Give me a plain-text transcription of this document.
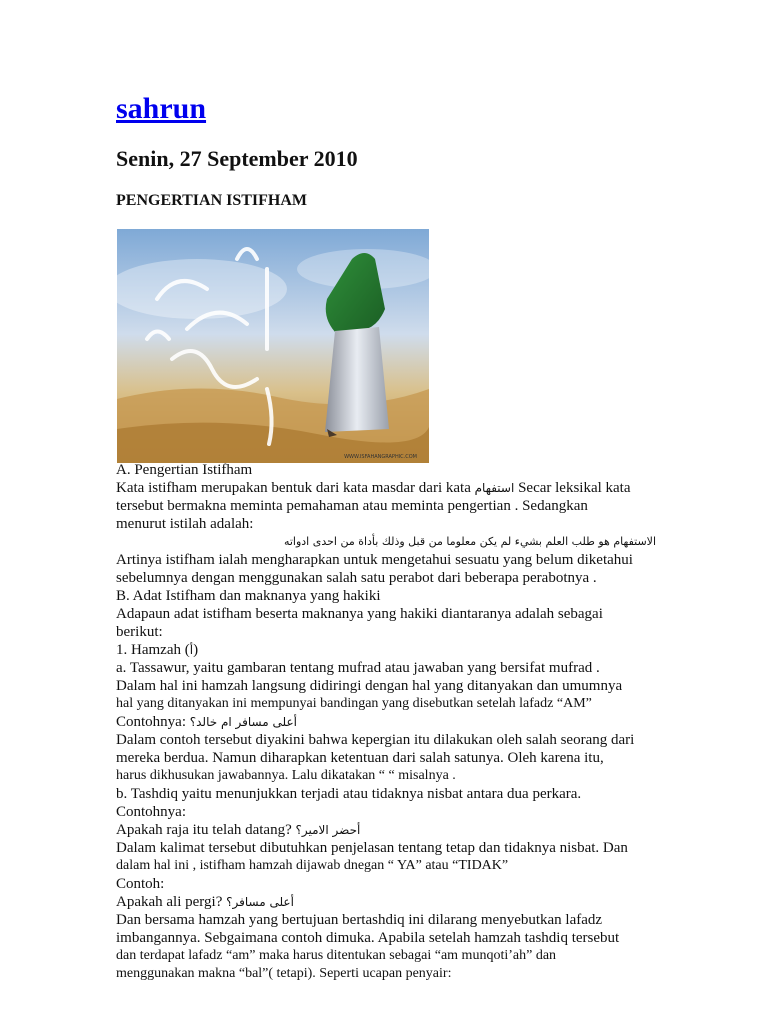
sahrun
Senin, 27 September 2010
PENGERTIAN ISTIFHAM
WWW.ISFAHANGRAPHIC.COM
A. Pengertian Istifham
Kata istifham merupakan bentuk dari kata masdar dari kata استفهام Secar leksikal kata
tersebut bermakna meminta pemahaman atau meminta pengertian . Sedangkan
menurut istilah adalah:
الاستفهام هو طلب العلم بشيء لم يكن معلوما من قبل وذلك بأداة من احدى ادواته
Artinya istifham ialah mengharapkan untuk mengetahui sesuatu yang belum diketahui
sebelumnya dengan menggunakan salah satu perabot dari beberapa perabotnya .
B. Adat Istifham dan maknanya yang hakiki
Adapaun adat istifham beserta maknanya yang hakiki diantaranya adalah sebagai
berikut:
1. Hamzah (أ)
a. Tassawur, yaitu gambaran tentang mufrad atau jawaban yang bersifat mufrad .
Dalam hal ini hamzah langsung didiringi dengan hal yang ditanyakan dan umumnya
hal yang ditanyakan ini mempunyai bandingan yang disebutkan setelah lafadz “AM”
Contohnya: أعلى مسافر ام خالد؟
Dalam contoh tersebut diyakini bahwa kepergian itu dilakukan oleh salah seorang dari
mereka berdua. Namun diharapkan ketentuan dari salah satunya. Oleh karena itu,
harus dikhusukan jawabannya. Lalu dikatakan “ “ misalnya .
b. Tashdiq yaitu menunjukkan terjadi atau tidaknya nisbat antara dua perkara.
Contohnya:
Apakah raja itu telah datang? أحضر الامير؟
Dalam kalimat tersebut dibutuhkan penjelasan tentang tetap dan tidaknya nisbat. Dan
dalam hal ini , istifham hamzah dijawab dnegan “ YA” atau “TIDAK”
Contoh:
Apakah ali pergi? أعلى مسافر؟
Dan bersama hamzah yang bertujuan bertashdiq ini dilarang menyebutkan lafadz
imbangannya. Sebgaimana contoh dimuka. Apabila setelah hamzah tashdiq tersebut
dan terdapat lafadz “am” maka harus ditentukan sebagai “am munqoti’ah” dan
menggunakan makna “bal”( tetapi). Seperti ucapan penyair:
